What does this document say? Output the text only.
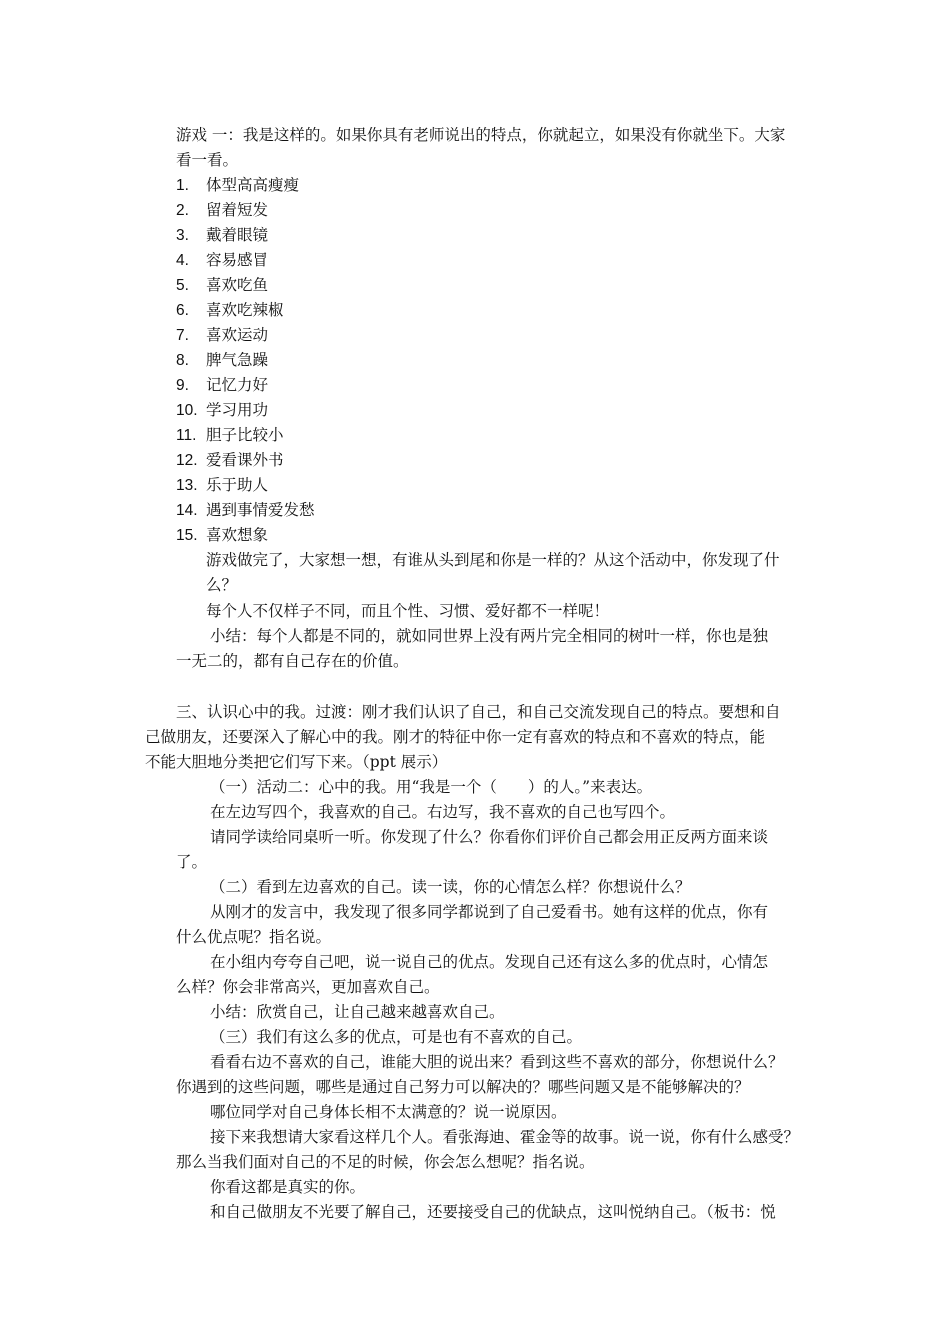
游戏 一：我是这样的。如果你具有老师说出的特点，你就起立，如果没有你就坐下。大家
看一看。
1. 体型高高瘦瘦
2. 留着短发
3. 戴着眼镜
4. 容易感冒
5. 喜欢吃鱼
6. 喜欢吃辣椒
7. 喜欢运动
8. 脾气急躁
9. 记忆力好
10. 学习用功
11. 胆子比较小
12. 爱看课外书
13. 乐于助人
14. 遇到事情爱发愁
15. 喜欢想象
游戏做完了，大家想一想，有谁从头到尾和你是一样的？从这个活动中，你发现了什
么？
每个人不仅样子不同，而且个性、习惯、爱好都不一样呢！
小结：每个人都是不同的，就如同世界上没有两片完全相同的树叶一样，你也是独
一无二的，都有自己存在的价值。
三、认识心中的我。过渡：刚才我们认识了自己，和自己交流发现自己的特点。要想和自
己做朋友，还要深入了解心中的我。刚才的特征中你一定有喜欢的特点和不喜欢的特点，能
不能大胆地分类把它们写下来。（ppt 展示）
（一）活动二：心中的我。用“我是一个（　　）的人。”来表达。
在左边写四个，我喜欢的自己。右边写，我不喜欢的自己也写四个。
请同学读给同桌听一听。你发现了什么？你看你们评价自己都会用正反两方面来谈
了。
（二）看到左边喜欢的自己。读一读，你的心情怎么样？你想说什么？
从刚才的发言中，我发现了很多同学都说到了自己爱看书。她有这样的优点，你有
什么优点呢？指名说。
在小组内夸夸自己吧，说一说自己的优点。发现自己还有这么多的优点时，心情怎
么样？你会非常高兴，更加喜欢自己。
小结：欣赏自己，让自己越来越喜欢自己。
（三）我们有这么多的优点，可是也有不喜欢的自己。
看看右边不喜欢的自己，谁能大胆的说出来？看到这些不喜欢的部分，你想说什么？
你遇到的这些问题，哪些是通过自己努力可以解决的？哪些问题又是不能够解决的？
哪位同学对自己身体长相不太满意的？说一说原因。
接下来我想请大家看这样几个人。看张海迪、霍金等的故事。说一说，你有什么感受？
那么当我们面对自己的不足的时候，你会怎么想呢？指名说。
你看这都是真实的你。
和自己做朋友不光要了解自己，还要接受自己的优缺点，这叫悦纳自己。（板书：悦
